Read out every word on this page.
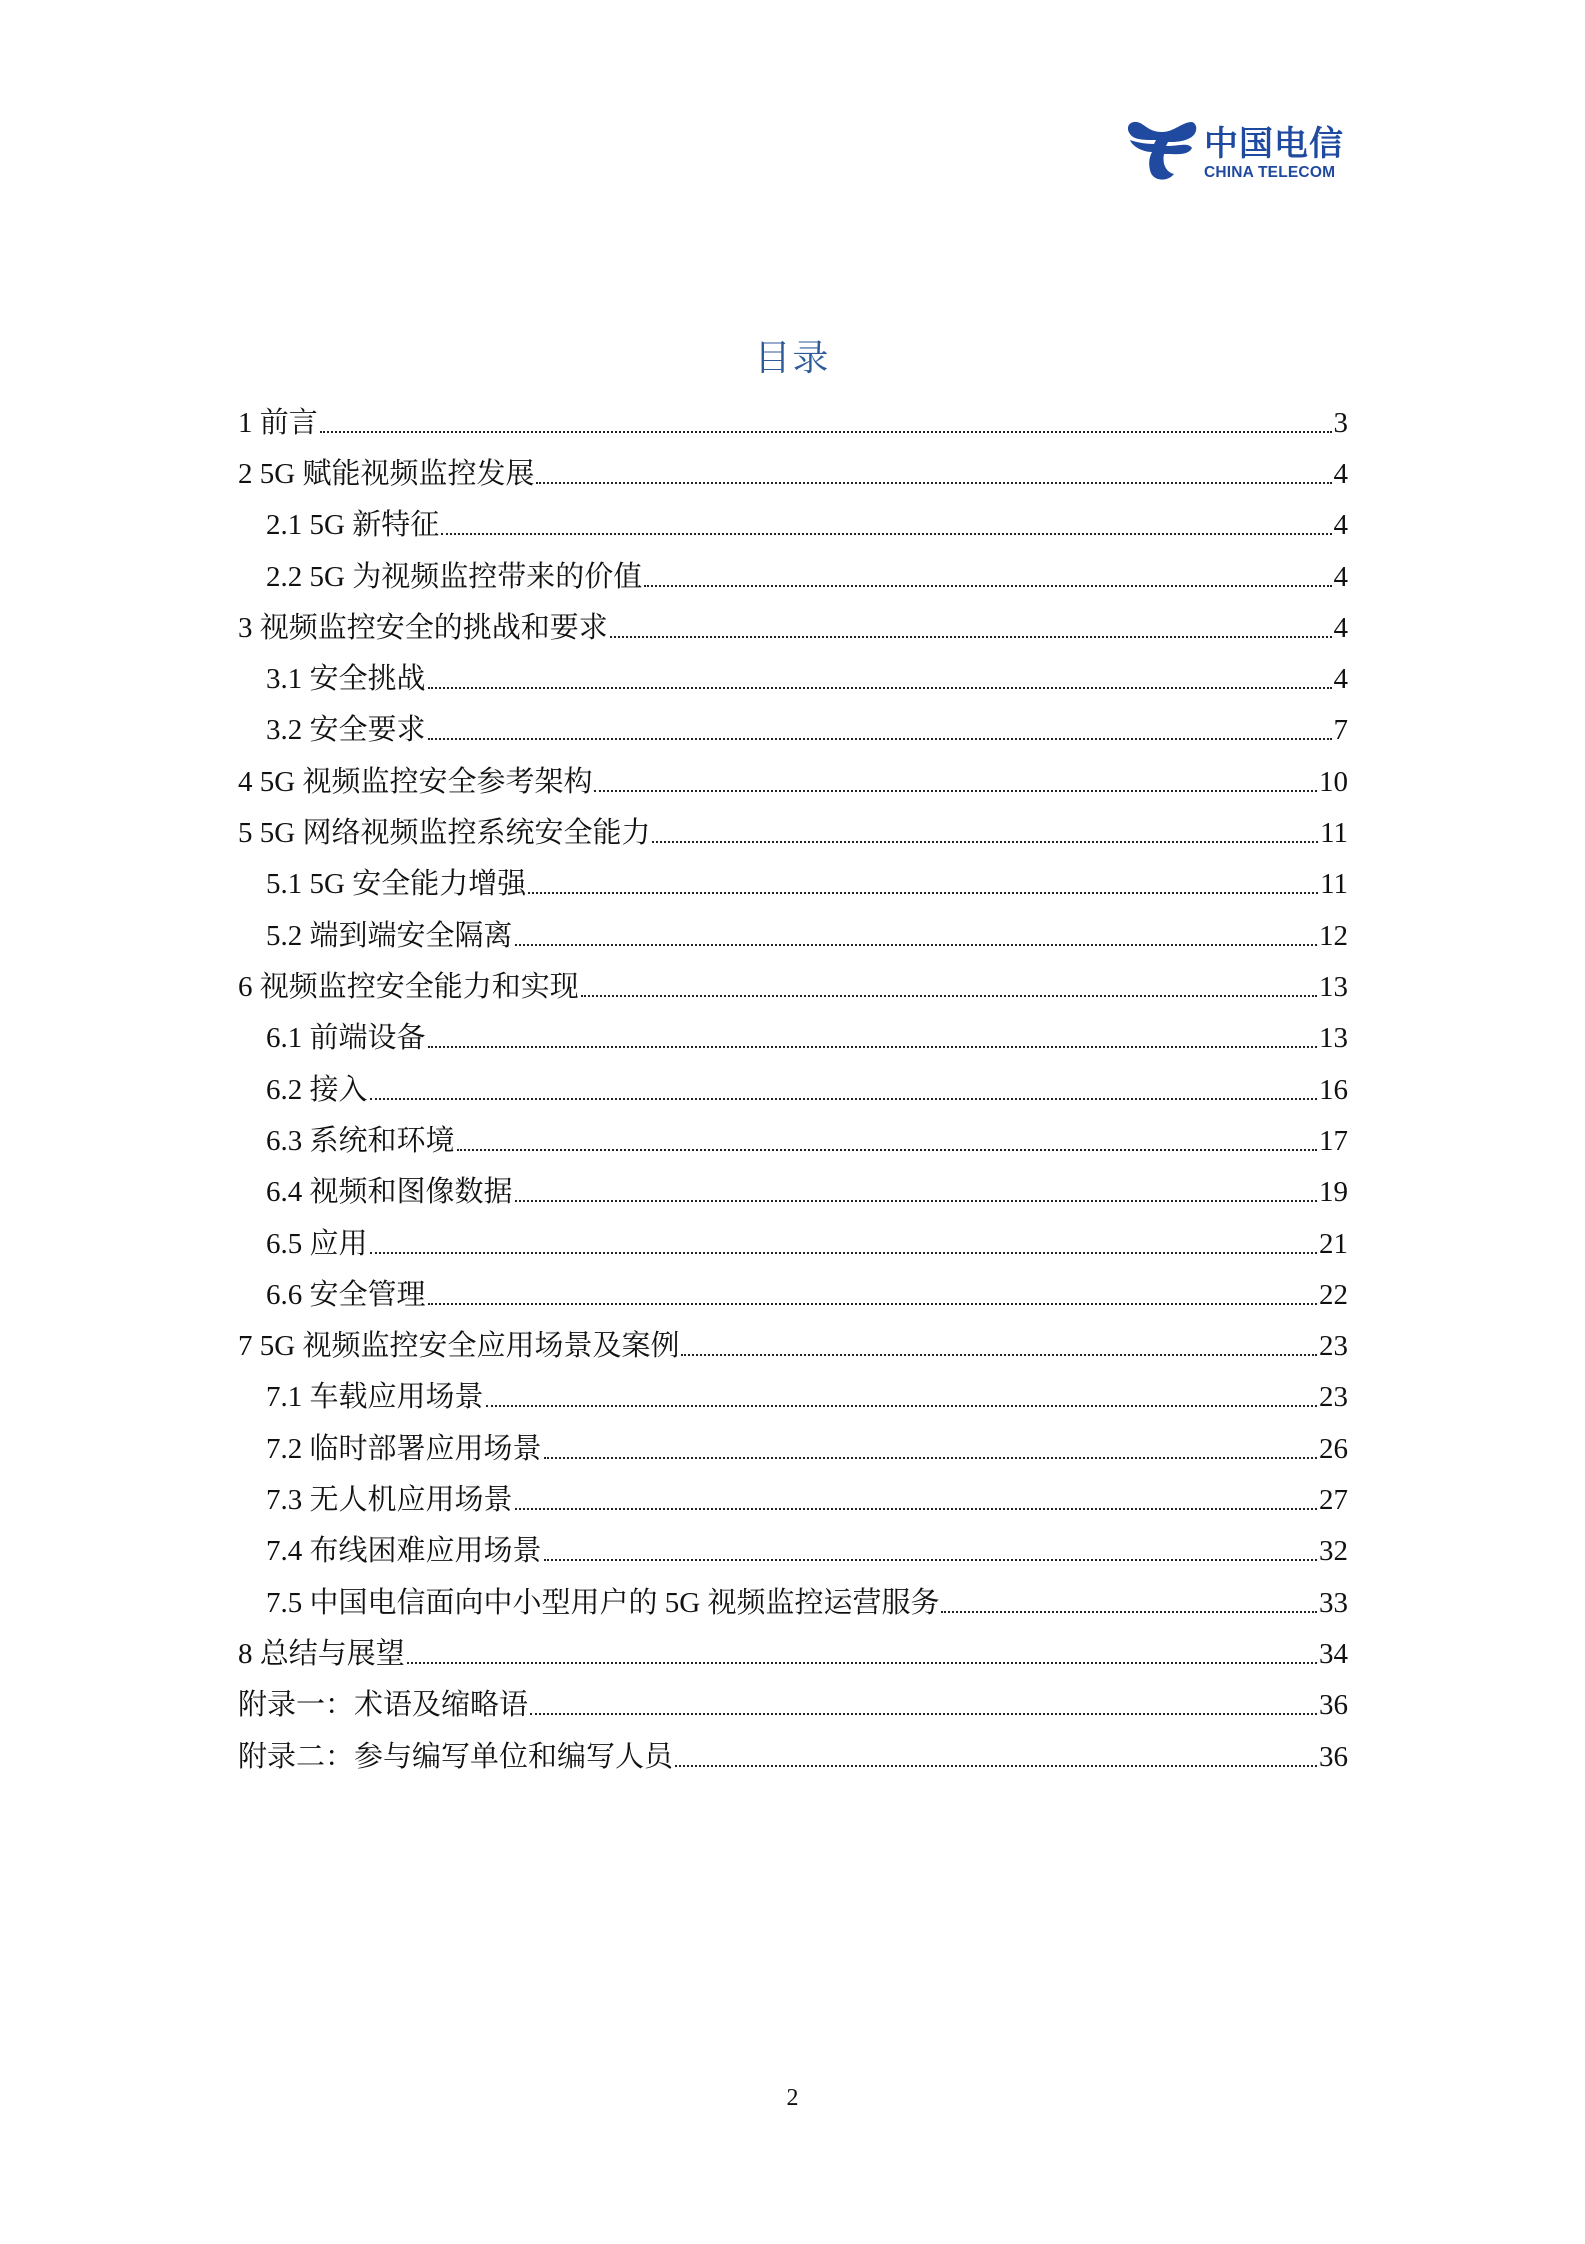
中国电信
CHINA TELECOM
目录
1 前言	3
2 5G 赋能视频监控发展	4
2.1 5G 新特征	4
2.2 5G 为视频监控带来的价值	4
3 视频监控安全的挑战和要求	4
3.1 安全挑战	4
3.2 安全要求	7
4 5G 视频监控安全参考架构	10
5 5G 网络视频监控系统安全能力	11
5.1 5G 安全能力增强	11
5.2 端到端安全隔离	12
6 视频监控安全能力和实现	13
6.1 前端设备	13
6.2 接入	16
6.3 系统和环境	17
6.4 视频和图像数据	19
6.5 应用	21
6.6 安全管理	22
7 5G 视频监控安全应用场景及案例	23
7.1 车载应用场景	23
7.2 临时部署应用场景	26
7.3 无人机应用场景	27
7.4 布线困难应用场景	32
7.5 中国电信面向中小型用户的 5G 视频监控运营服务	33
8 总结与展望	34
附录一：术语及缩略语	36
附录二：参与编写单位和编写人员	36
2
